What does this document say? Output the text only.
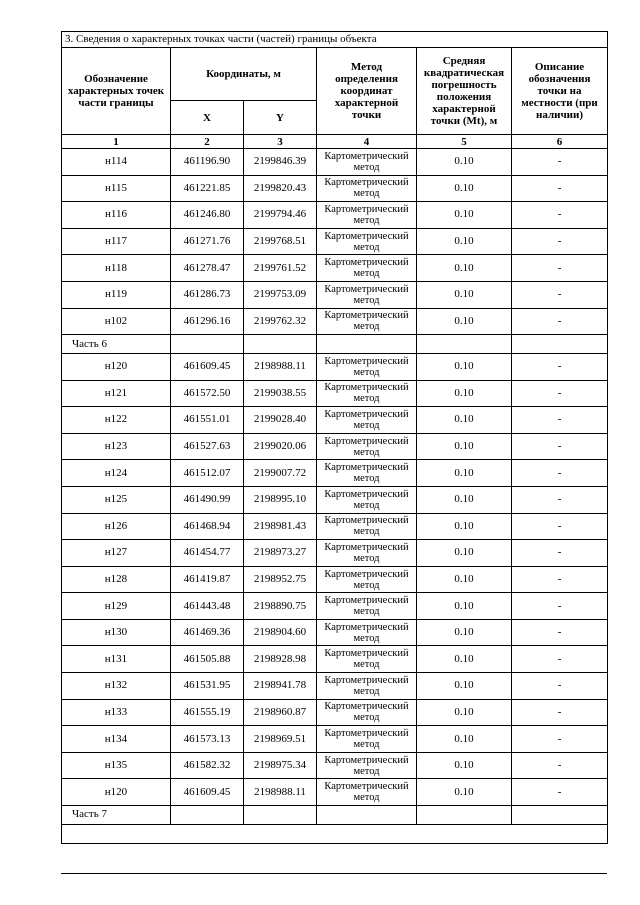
3. Сведения о характерных точках части (частей) границы объекта					
Обозначение характерных точек части границы	Координаты, м		Метод определения координат характерной точки	Средняя квадратическая погрешность положения характерной точки (Mt), м	Описание обозначения точки на местности (при наличии)
	X	Y			
1	2	3	4	5	6
н114	461196.90	2199846.39	Картометрический метод	0.10	-
н115	461221.85	2199820.43	Картометрический метод	0.10	-
н116	461246.80	2199794.46	Картометрический метод	0.10	-
н117	461271.76	2199768.51	Картометрический метод	0.10	-
н118	461278.47	2199761.52	Картометрический метод	0.10	-
н119	461286.73	2199753.09	Картометрический метод	0.10	-
н102	461296.16	2199762.32	Картометрический метод	0.10	-
Часть 6					
н120	461609.45	2198988.11	Картометрический метод	0.10	-
н121	461572.50	2199038.55	Картометрический метод	0.10	-
н122	461551.01	2199028.40	Картометрический метод	0.10	-
н123	461527.63	2199020.06	Картометрический метод	0.10	-
н124	461512.07	2199007.72	Картометрический метод	0.10	-
н125	461490.99	2198995.10	Картометрический метод	0.10	-
н126	461468.94	2198981.43	Картометрический метод	0.10	-
н127	461454.77	2198973.27	Картометрический метод	0.10	-
н128	461419.87	2198952.75	Картометрический метод	0.10	-
н129	461443.48	2198890.75	Картометрический метод	0.10	-
н130	461469.36	2198904.60	Картометрический метод	0.10	-
н131	461505.88	2198928.98	Картометрический метод	0.10	-
н132	461531.95	2198941.78	Картометрический метод	0.10	-
н133	461555.19	2198960.87	Картометрический метод	0.10	-
н134	461573.13	2198969.51	Картометрический метод	0.10	-
н135	461582.32	2198975.34	Картометрический метод	0.10	-
н120	461609.45	2198988.11	Картометрический метод	0.10	-
Часть 7					
